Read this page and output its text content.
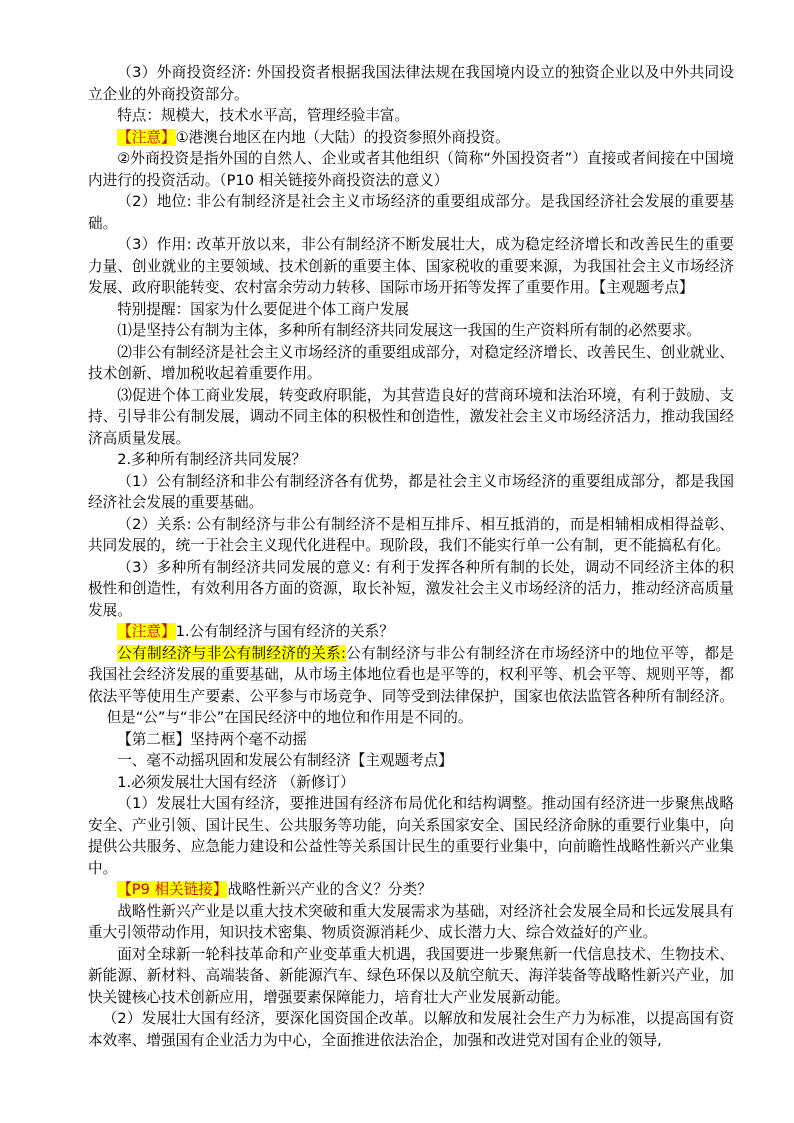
（3）外商投资经济: 外国投资者根据我国法律法规在我国境内设立的独资企业以及中外共同设立企业的外商投资部分。

特点：规模大，技术水平高，管理经验丰富。

【注意】①港澳台地区在内地（大陆）的投资参照外商投资。

②外商投资是指外国的自然人、企业或者其他组织（简称“外国投资者”）直接或者间接在中国境内进行的投资活动。（P10 相关链接外商投资法的意义）

（2）地位: 非公有制经济是社会主义市场经济的重要组成部分。是我国经济社会发展的重要基础。

（3）作用: 改革开放以来，非公有制经济不断发展壮大，成为稳定经济增长和改善民生的重要力量、创业就业的主要领域、技术创新的重要主体、国家税收的重要来源，为我国社会主义市场经济发展、政府职能转变、农村富余劳动力转移、国际市场开拓等发挥了重要作用。【主观题考点】

特别提醒：国家为什么要促进个体工商户发展

⑴是坚持公有制为主体，多种所有制经济共同发展这一我国的生产资料所有制的必然要求。

⑵非公有制经济是社会主义市场经济的重要组成部分，对稳定经济增长、改善民生、创业就业、技术创新、增加税收起着重要作用。

⑶促进个体工商业发展，转变政府职能，为其营造良好的营商环境和法治环境，有利于鼓励、支持、引导非公有制发展，调动不同主体的积极性和创造性，激发社会主义市场经济活力，推动我国经济高质量发展。

2.多种所有制经济共同发展？

（1）公有制经济和非公有制经济各有优势，都是社会主义市场经济的重要组成部分，都是我国经济社会发展的重要基础。

（2）关系: 公有制经济与非公有制经济不是相互排斥、相互抵消的，而是相辅相成相得益彰、共同发展的，统一于社会主义现代化进程中。现阶段，我们不能实行单一公有制，更不能搞私有化。

（3）多种所有制经济共同发展的意义: 有利于发挥各种所有制的长处，调动不同经济主体的积极性和创造性，有效利用各方面的资源，取长补短，激发社会主义市场经济的活力，推动经济高质量发展。

【注意】1.公有制经济与国有经济的关系？

公有制经济与非公有制经济的关系:公有制经济与非公有制经济在市场经济中的地位平等，都是我国社会经济发展的重要基础，从市场主体地位看也是平等的，权利平等、机会平等、规则平等，都依法平等使用生产要素、公平参与市场竞争、同等受到法律保护，国家也依法监管各种所有制经济。    但是“公”与“非公”在国民经济中的地位和作用是不同的。

【第二框】坚持两个毫不动摇

一、毫不动摇巩固和发展公有制经济【主观题考点】

1.必须发展壮大国有经济 （新修订）

（1）发展壮大国有经济，要推进国有经济布局优化和结构调整。推动国有经济进一步聚焦战略安全、产业引领、国计民生、公共服务等功能，向关系国家安全、国民经济命脉的重要行业集中，向提供公共服务、应急能力建设和公益性等关系国计民生的重要行业集中，向前瞻性战略性新兴产业集中。

【P9 相关链接】战略性新兴产业的含义？分类？

战略性新兴产业是以重大技术突破和重大发展需求为基础，对经济社会发展全局和长远发展具有重大引领带动作用，知识技术密集、物质资源消耗少、成长潜力大、综合效益好的产业。

面对全球新一轮科技革命和产业变革重大机遇，我国要进一步聚焦新一代信息技术、生物技术、新能源、新材料、高端装备、新能源汽车、绿色环保以及航空航天、海洋装备等战略性新兴产业，加快关键核心技术创新应用，增强要素保障能力，培育壮大产业发展新动能。

（2）发展壮大国有经济，要深化国资国企改革。以解放和发展社会生产力为标准，以提高国有资本效率、增强国有企业活力为中心，全面推进依法治企，加强和改进党对国有企业的领导,
